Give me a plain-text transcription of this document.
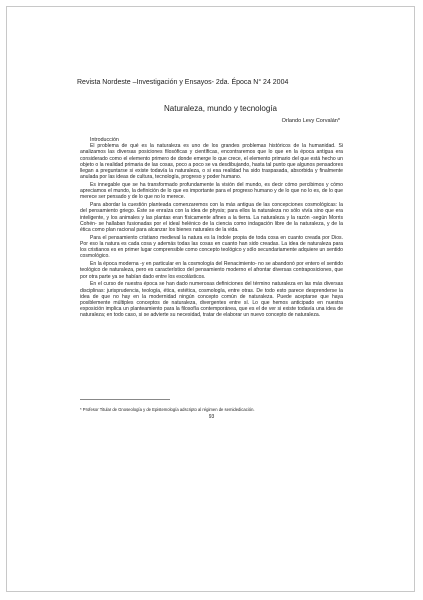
Revista Nordeste –Investigación y Ensayos- 2da. Época N° 24 2004
Naturaleza, mundo y tecnología
Orlando Levy Corvalán*
Introducción

El problema de qué es la naturaleza es uno de los grandes problemas históricos de la humanidad. Si analizamos las diversas posiciones filosóficas y científicas, encontraremos que lo que en la época antigua era considerado como el elemento primero de donde emerge lo que crece, el elemento primario del que está hecho un objeto o la realidad primaria de las cosas, poco a poco se va desdibujando, hasta tal punto que algunos pensadores llegan a preguntarse si existe todavía la naturaleza, o si esa realidad ha sido traspasada, absorbida y finalmente anulada por las ideas de cultura, tecnología, progreso y poder humano.

Es innegable que se ha transformado profundamente la visión del mundo, es decir cómo percibimos y cómo apreciamos el mundo, la definición de lo que es importante para el progreso humano y de lo que no lo es, de lo que merece ser pensado y de lo que no lo merece.

Para abordar la cuestión planteada comenzaremos con la más antigua de las concepciones cosmológicas: la del pensamiento griego. Éste se enraíza con la idea de physis; para ellos la naturaleza no sólo vivía sino que era inteligente, y los animales y las plantas eran físicamente afines a la tierra. La naturaleza y la razón -según Morris Cohén- se hallaban fusionadas por el ideal helénico de la ciencia como indagación libre de la naturaleza, y de la ética como plan racional para alcanzar los bienes naturales de la vida.

Para el pensamiento cristiano medieval la natura es la índole propia de toda cosa en cuanto creada por Dios. Por eso la natura es cada cosa y además todas las cosas en cuanto han sido creadas. La idea de naturaleza para los cristianos es en primer lugar comprensible como concepto teológico y sólo secundariamente adquiere un sentido cosmológico.

En la época moderna -y en particular en la cosmología del Renacimiento- no se abandonó por entero el sentido teológico de naturaleza, pero es característico del pensamiento moderno el afrontar diversas contraposiciones, que por otra parte ya se habían dado entre los escolásticos.

En el curso de nuestra época se han dado numerosas definiciones del término naturaleza en las más diversas disciplinas: jurisprudencia, teología, ética, estética, cosmología, entre otras. De todo esto parece desprenderse la idea de que no hay en la modernidad ningún concepto común de naturaleza. Puede aceptarse que haya posiblemente múltiples conceptos de naturaleza, divergentes entre sí. Lo que hemos anticipado en nuestra exposición implica un planteamiento para la filosofía contemporánea, que es el de ver si existe todavía una idea de naturaleza; en todo caso, si se advierte su necesidad, tratar de elaborar un nuevo concepto de naturaleza.

* Profesor Titular de Gnoseología y de Epistemología adscripto al régimen de semidedicación.
93
